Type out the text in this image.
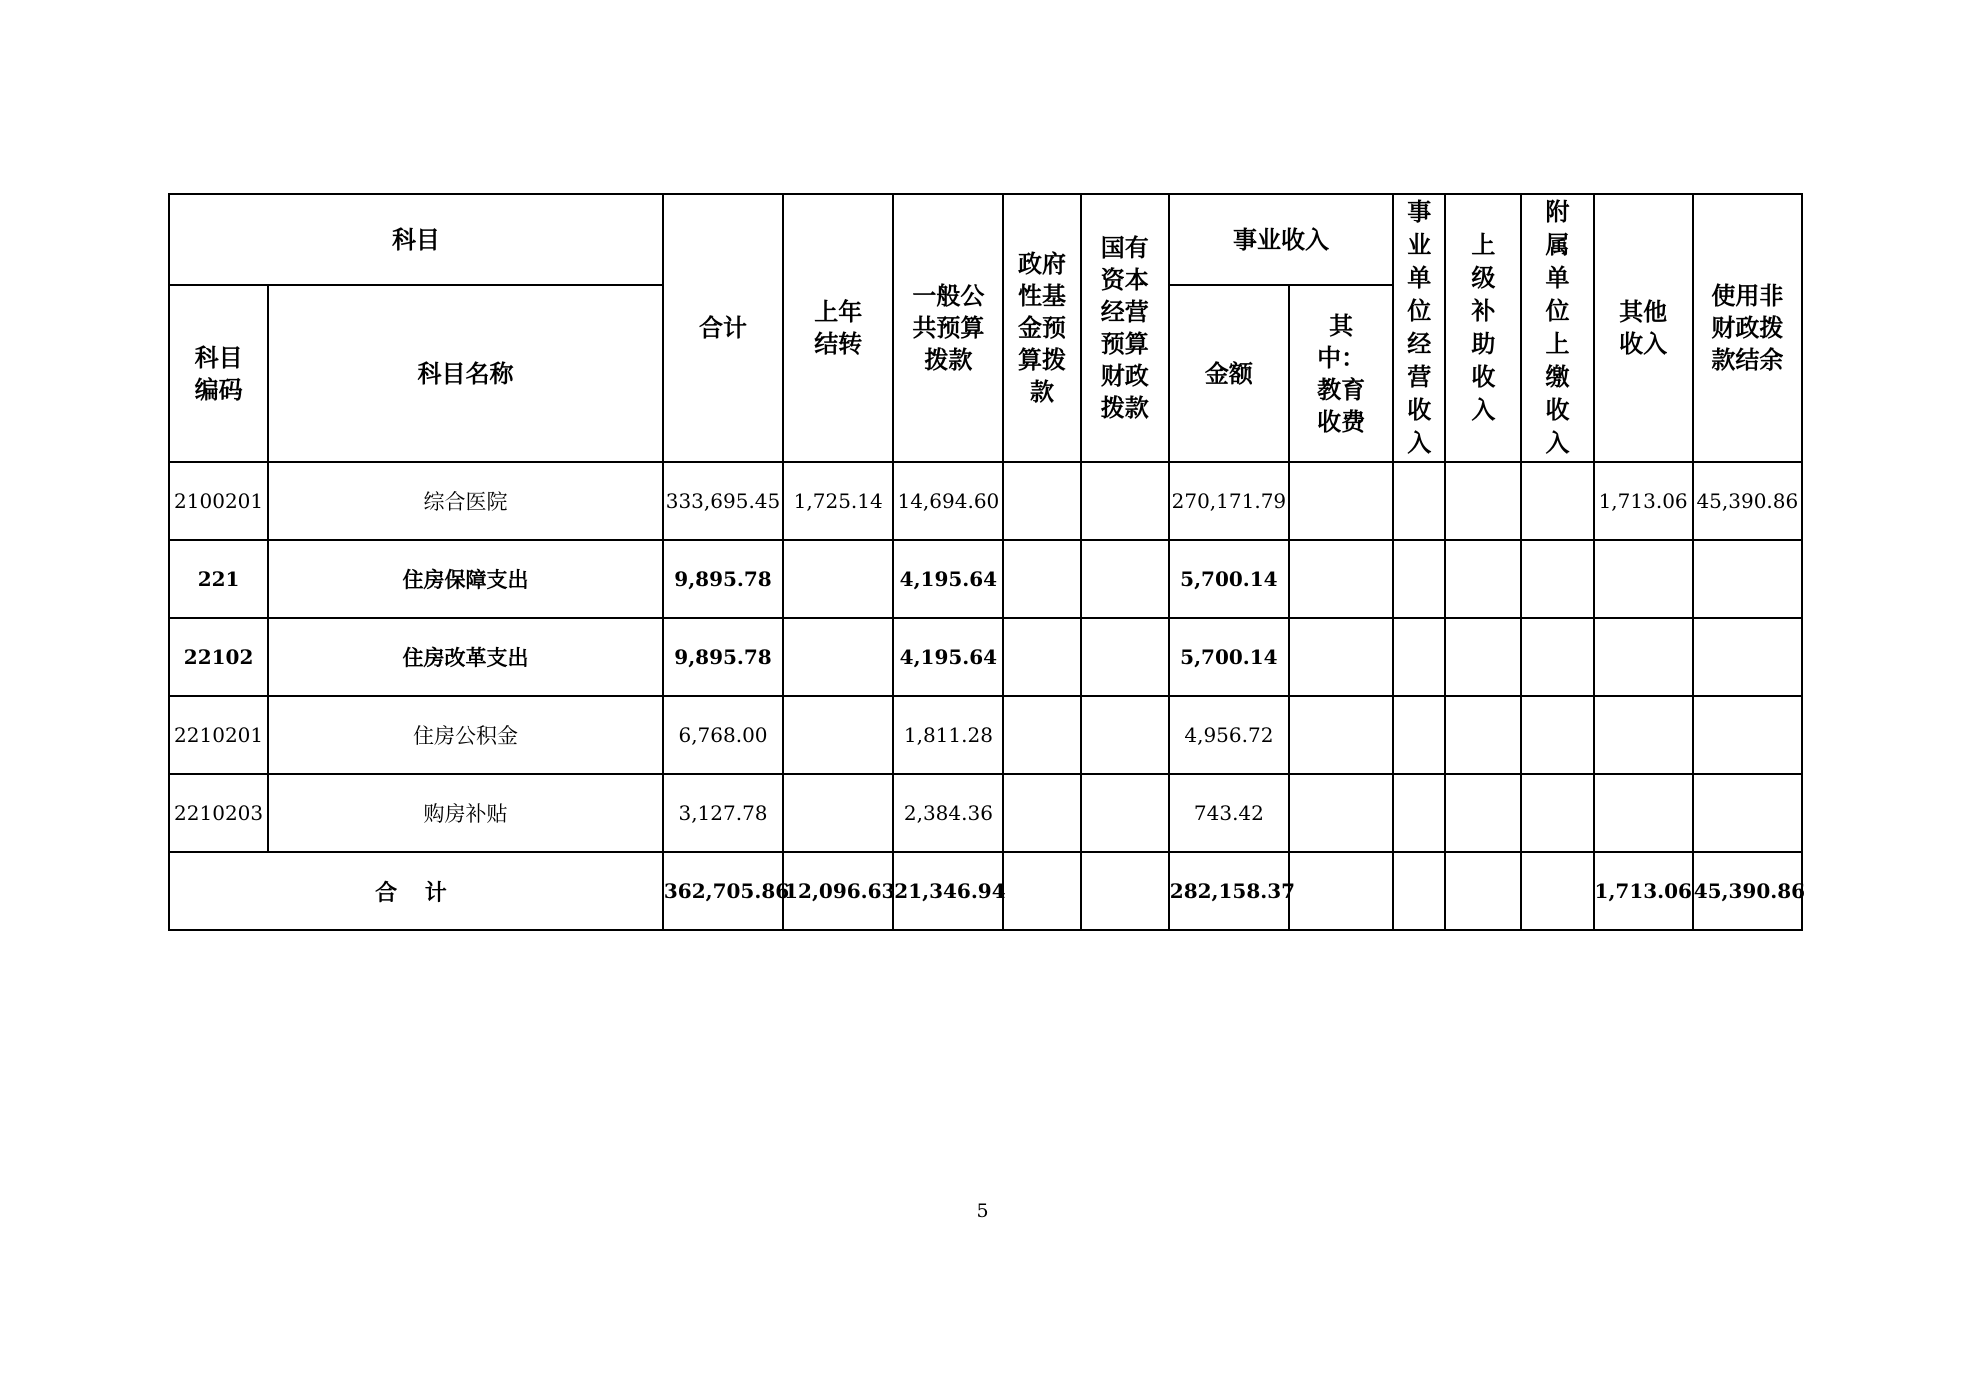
科目		合计	上年结转	一般公共预算拨款	政府性基金预算拨款	国有资本经营预算财政拨款	事业收入		事业单位经营收入	上级补助收入	附属单位上缴收入	其他收入	使用非财政拨款结余

科目编码	科目名称						金额	其中：教育收费					

2100201	综合医院	333,695.45	1,725.14	14,694.60			270,171.79					1,713.06	45,390.86
221	住房保障支出	9,895.78		4,195.64			5,700.14						
22102	住房改革支出	9,895.78		4,195.64			5,700.14						
2210201	住房公积金	6,768.00		1,811.28			4,956.72						
2210203	购房补贴	3,127.78		2,384.36			743.42						
合 计		362,705.86	12,096.63	21,346.94			282,158.37					1,713.06	45,390.86
5
